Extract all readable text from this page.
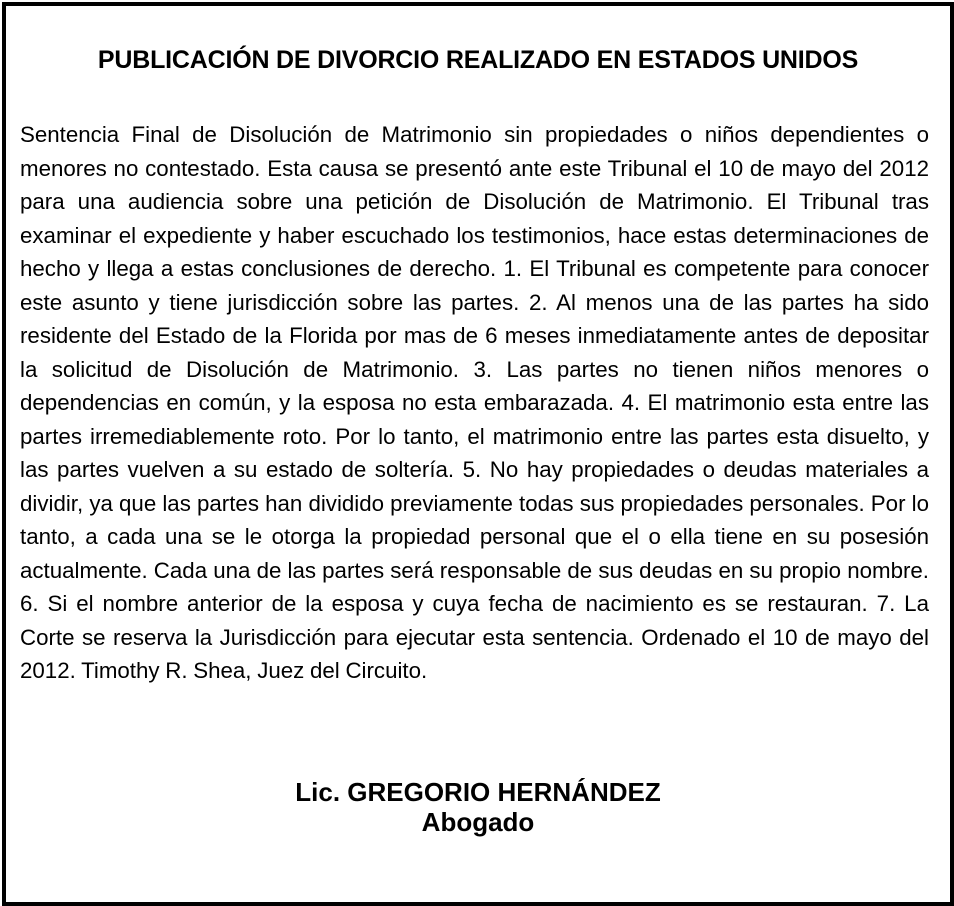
PUBLICACIÓN DE DIVORCIO REALIZADO EN ESTADOS UNIDOS

Sentencia Final de Disolución de Matrimonio sin propiedades o niños dependientes o menores no contestado. Esta causa se presentó ante este Tribunal el 10 de mayo del 2012 para una audiencia sobre una petición de Disolución de Matrimonio. El Tribunal tras examinar el expediente y haber escuchado los testimonios, hace estas determinaciones de hecho y llega a estas conclusiones de derecho. 1. El Tribunal es competente para conocer este asunto y tiene jurisdicción sobre las partes. 2. Al menos una de las partes ha sido residente del Estado de la Florida por mas de 6 meses inmediatamente antes de depositar la solicitud de Disolución de Matrimonio. 3. Las partes no tienen niños menores o dependencias en común, y la esposa no esta embarazada. 4. El matrimonio esta entre las partes irremediablemente roto. Por lo tanto, el matrimonio entre las partes esta disuelto, y las partes vuelven a su estado de soltería. 5. No hay propiedades o deudas materiales a dividir, ya que las partes han dividido previamente todas sus propiedades personales. Por lo tanto, a cada una se le otorga la propiedad personal que el o ella tiene en su posesión actualmente. Cada una de las partes será responsable de sus deudas en su propio nombre. 6. Si el nombre anterior de la esposa y cuya fecha de nacimiento es se restauran. 7. La Corte se reserva la Jurisdicción para ejecutar esta sentencia. Ordenado el 10 de mayo del 2012. Timothy R. Shea, Juez del Circuito.

Lic. GREGORIO HERNÁNDEZ
Abogado
